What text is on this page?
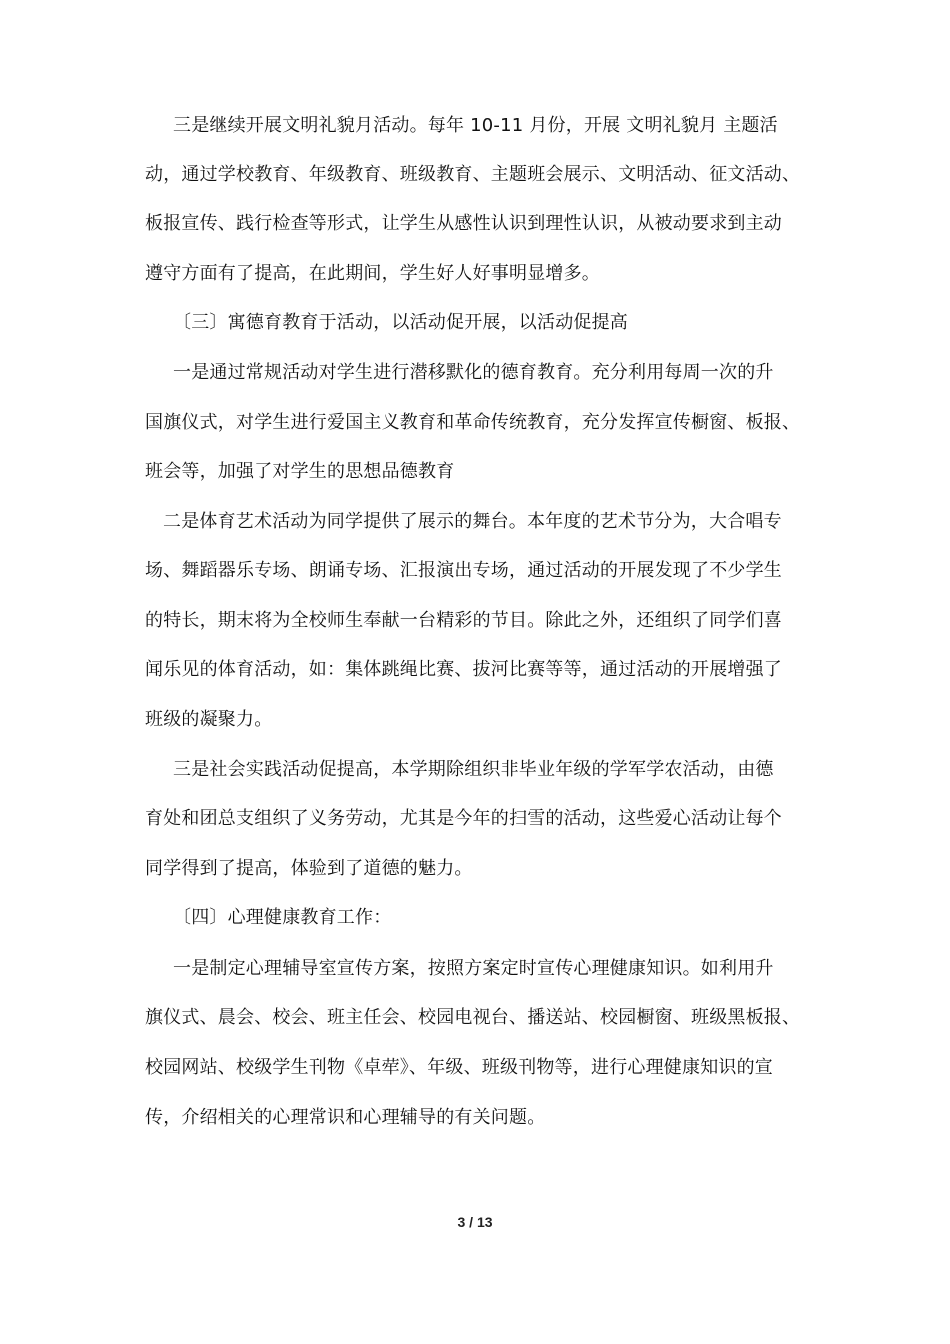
三是继续开展文明礼貌月活动。每年 10-11 月份，开展 文明礼貌月 主题活
动，通过学校教育、年级教育、班级教育、主题班会展示、文明活动、征文活动、
板报宣传、践行检查等形式，让学生从感性认识到理性认识，从被动要求到主动
遵守方面有了提高，在此期间，学生好人好事明显增多。
〔三〕寓德育教育于活动，以活动促开展，以活动促提高
一是通过常规活动对学生进行潜移默化的德育教育。充分利用每周一次的升
国旗仪式，对学生进行爱国主义教育和革命传统教育，充分发挥宣传橱窗、板报、
班会等，加强了对学生的思想品德教育
二是体育艺术活动为同学提供了展示的舞台。本年度的艺术节分为，大合唱专
场、舞蹈器乐专场、朗诵专场、汇报演出专场，通过活动的开展发现了不少学生
的特长，期末将为全校师生奉献一台精彩的节目。除此之外，还组织了同学们喜
闻乐见的体育活动，如：集体跳绳比赛、拔河比赛等等，通过活动的开展增强了
班级的凝聚力。
三是社会实践活动促提高，本学期除组织非毕业年级的学军学农活动，由德
育处和团总支组织了义务劳动，尤其是今年的扫雪的活动，这些爱心活动让每个
同学得到了提高，体验到了道德的魅力。
〔四〕心理健康教育工作：
一是制定心理辅导室宣传方案，按照方案定时宣传心理健康知识。如利用升
旗仪式、晨会、校会、班主任会、校园电视台、播送站、校园橱窗、班级黑板报、
校园网站、校级学生刊物《卓荦》、年级、班级刊物等，进行心理健康知识的宣
传，介绍相关的心理常识和心理辅导的有关问题。
3 / 13
